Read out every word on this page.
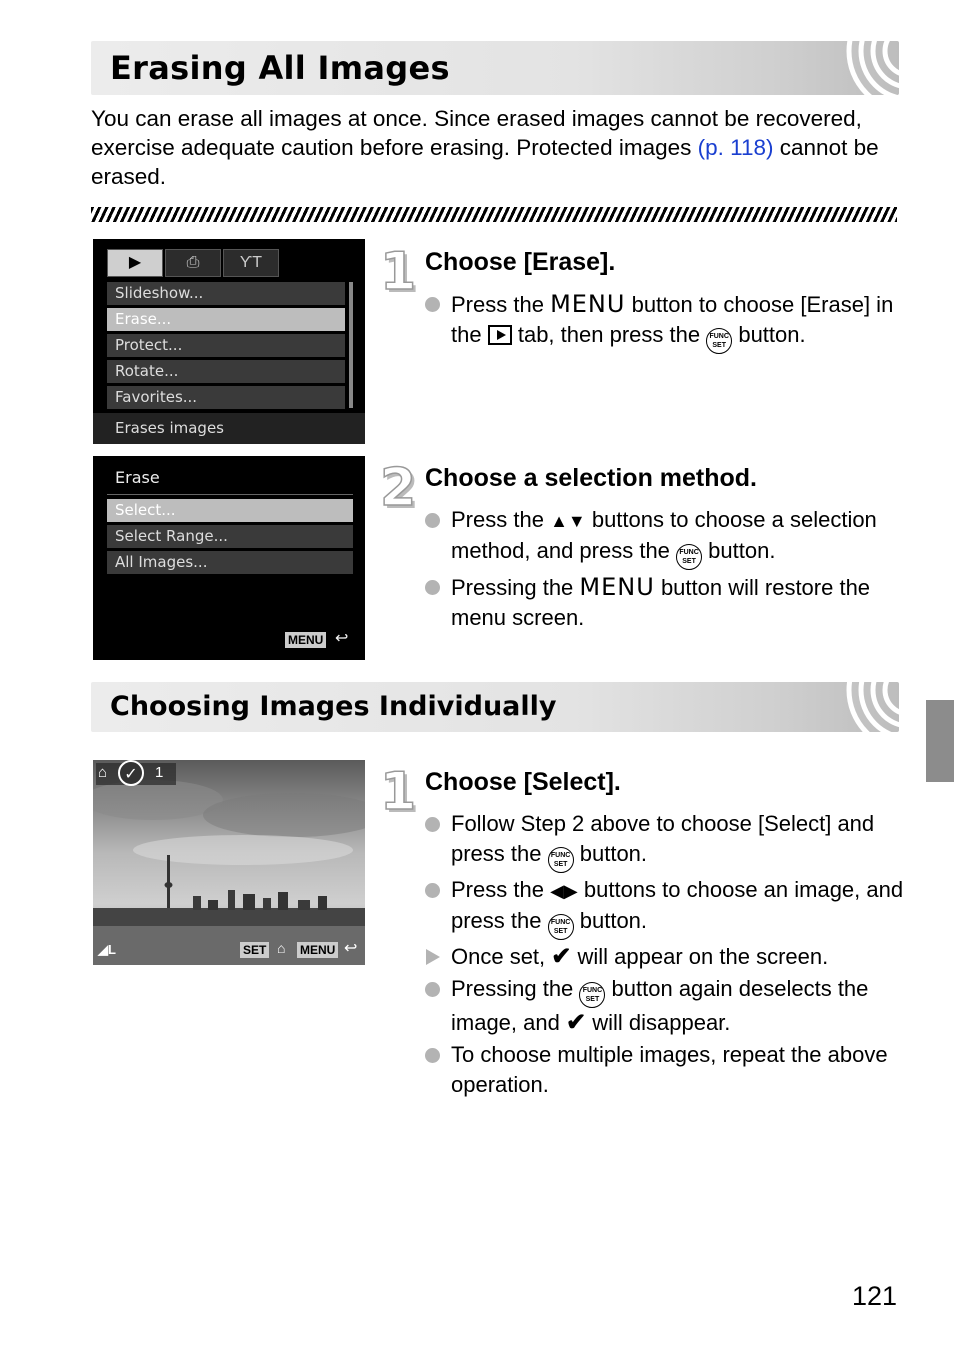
Erasing All Images
You can erase all images at once. Since erased images cannot be recovered, exercise adequate caution before erasing. Protected images (p. 118) cannot be erased.
▶	⎙	ƳT
Slideshow...
Erase...
Protect...
Rotate...
Favorites...
Erases images
Erase
Select...
Select Range...
All Images...
MENU ↩
Choosing Images Individually
⌂	✓	1
◢L	SET ⌂ MENU ↩
1 Choose [Erase].
Press the MENU button to choose [Erase] in the tab, then press the FUNC SET button.
2 Choose a selection method.
Press the ▲▼ buttons to choose a selection method, and press the FUNC SET button.
Pressing the MENU button will restore the menu screen.
1 Choose [Select].
Follow Step 2 above to choose [Select] and press the FUNC SET button.
Press the ◀▶ buttons to choose an image, and press the FUNC SET button.
Once set, ✔ will appear on the screen.
Pressing the FUNC SET button again deselects the image, and ✔ will disappear.
To choose multiple images, repeat the above operation.
121
